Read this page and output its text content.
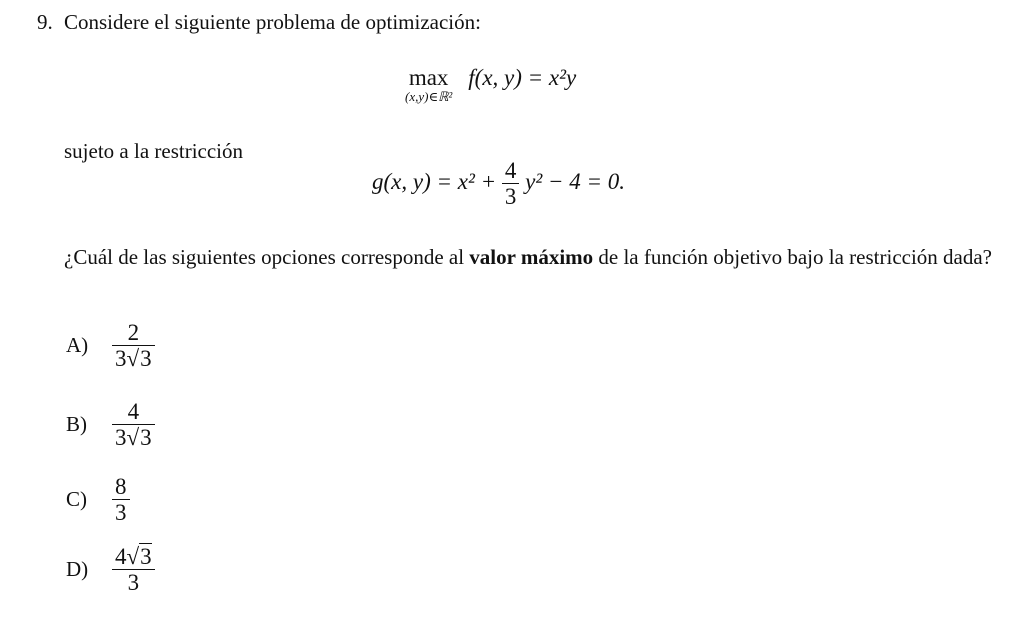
9. Considere el siguiente problema de optimización:
max
(x,y)∈ℝ²
f(x, y) = x²y
sujeto a la restricción
g(x, $y) = x^2 + \frac{4}{3} y^2 - 4 = 0$.
¿Cuál de las siguientes opciones corresponde al valor máximo de la función objetivo bajo la restricción dada?
$A) \frac{2}{3√3}$
$B) \frac{4}{3√3}$
$C) \frac{8}{3}$
$D) \frac{4√3}{3}$
